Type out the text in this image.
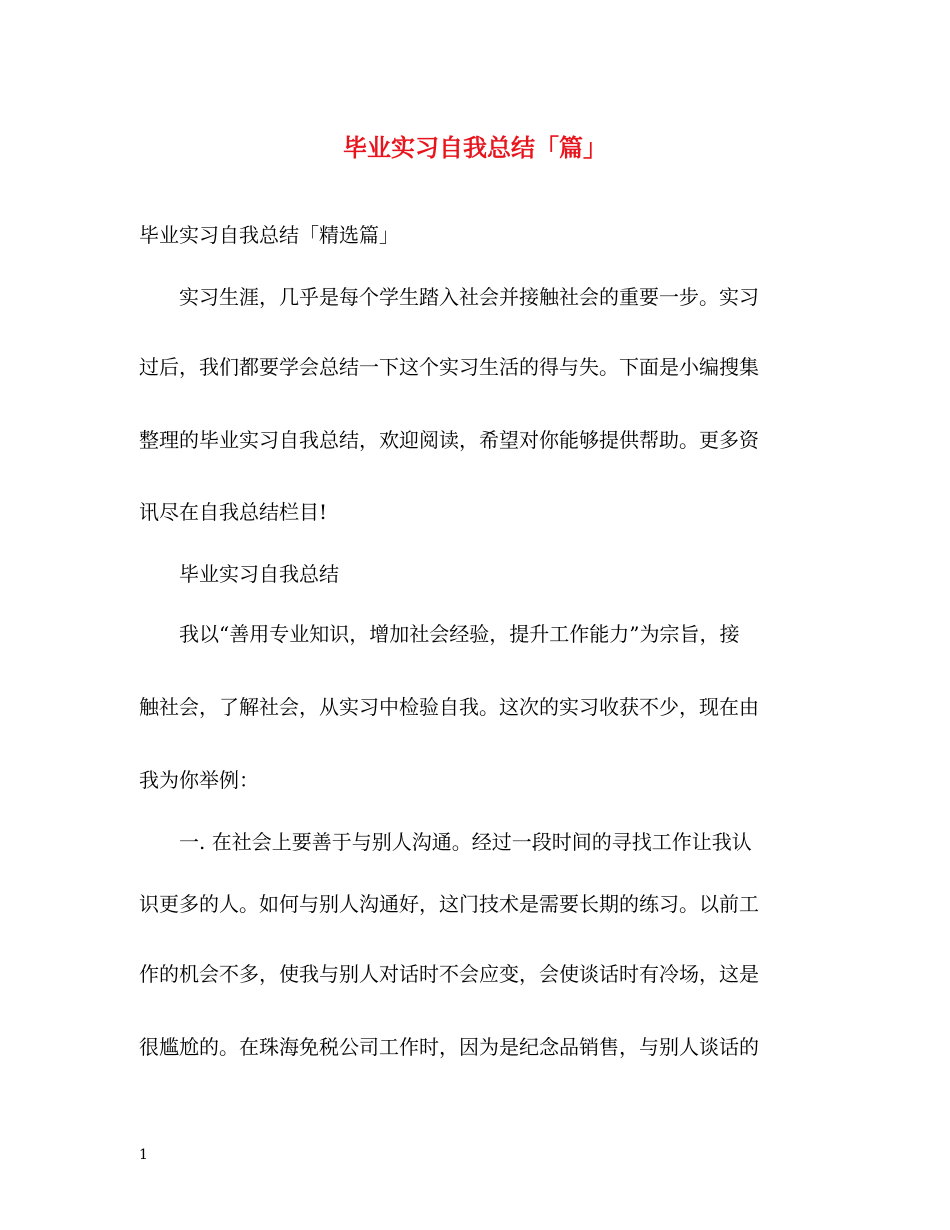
毕业实习自我总结「篇」
毕业实习自我总结「精选篇」
　　实习生涯，几乎是每个学生踏入社会并接触社会的重要一步。实习
过后，我们都要学会总结一下这个实习生活的得与失。下面是小编搜集
整理的毕业实习自我总结，欢迎阅读，希望对你能够提供帮助。更多资
讯尽在自我总结栏目!
　　毕业实习自我总结
　　我以“善用专业知识，增加社会经验，提升工作能力”为宗旨，接
触社会，了解社会，从实习中检验自我。这次的实习收获不少，现在由
我为你举例：
　　一. 在社会上要善于与别人沟通。经过一段时间的寻找工作让我认
识更多的人。如何与别人沟通好，这门技术是需要长期的练习。以前工
作的机会不多，使我与别人对话时不会应变，会使谈话时有冷场，这是
很尴尬的。在珠海免税公司工作时，因为是纪念品销售，与别人谈话的
1
